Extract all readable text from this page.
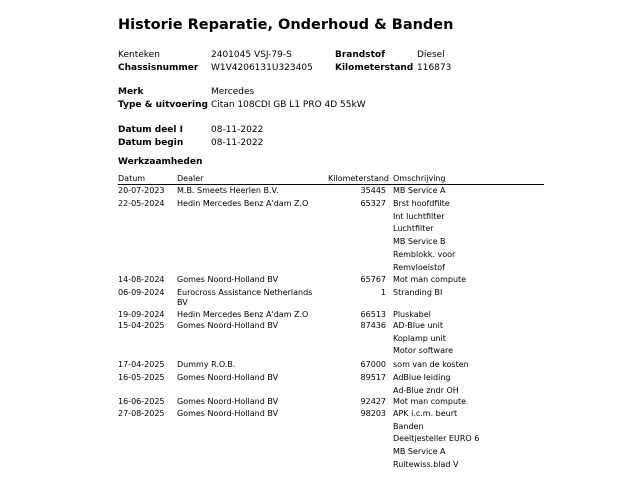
Historie Reparatie, Onderhoud & Banden
Kenteken	2401045 VSJ-79-S	Brandstof	Diesel
Chassisnummer W1V4206131U323405 Kilometerstand 116873
Merk	Mercedes
Type & uitvoering Citan 108CDI GB L1 PRO 4D 55kW
Datum deel I	08-11-2022
Datum begin	08-11-2022
Werkzaamheden
Datum	Dealer	Kilometerstand Omschrijving
20-07-2023 M.B. Smeets Heerlen B.V.	35445 MB Service A
22-05-2024 Hedin Mercedes Benz A'dam Z.O	65327 Brst hoofdfilte
Int luchtfilter
Luchtfilter
MB Service B
Remblokk. voor
Remvloeistof
14-08-2024 Gomes Noord-Holland BV	65767 Mot man compute
06-09-2024 Eurocross Assistance Netherlands BV
1 Stranding BI
19-09-2024 Hedin Mercedes Benz A'dam Z.O	66513 Pluskabel
15-04-2025 Gomes Noord-Holland BV	87436 AD-Blue unit
Koplamp unit
Motor software
17-04-2025 Dummy R.O.B.	67000 som van de kosten
16-05-2025 Gomes Noord-Holland BV	89517 AdBlue leiding
Ad-Blue zndr OH
16-06-2025 Gomes Noord-Holland BV	92427 Mot man compute
27-08-2025 Gomes Noord-Holland BV	98203 APK i.c.m. beurt
Banden
Deeltjesteller EURO 6
MB Service A
Ruitewiss.blad V
